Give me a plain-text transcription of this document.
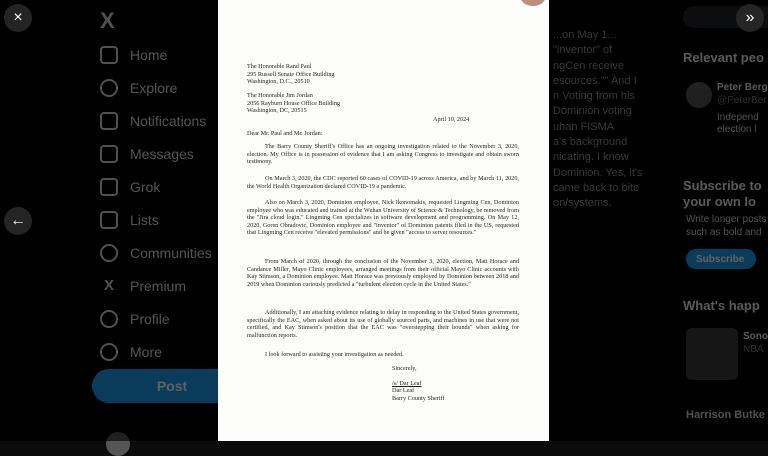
×	»
←
The Honorable Rand Paul
295 Russell Senate Office Building
Washington, D.C., 20510
The Honorable Jim Jordan
2056 Rayburn House Office Building
Washington, DC, 20515
April 10, 2024
Dear Mr. Paul and Mr. Jordan:
The Barry County Sheriff's Office has an ongoing investigation related to the November 3, 2020, election. My Office is in possession of evidence that I am asking Congress to investigate and obtain sworn testimony.
On March 3, 2020, the CDC reported 60 cases of COVID-19 across America, and by March 11, 2020, the World Health Organization declared COVID-19 a pandemic.
Also on March 3, 2020, Dominion employee, Nick Ikonomakis, requested Lingming Cen, Dominion employee who was educated and trained at the Wuhan University of Science & Technology, be removed from the "Jira cloud login." Lingming Cen specializes in software development and programming. On May 12, 2020, Goren Obradovic, Dominion employee and "inventor" of Dominion patents filed in the US, requested that Lingming Cen receive "elevated permissions" and be given "access to server resources."
From March of 2020, through the conclusion of the November 3, 2020, election, Matt Horace and Candance Miller, Mayo Clinic employees, arranged meetings from their official Mayo Clinic accounts with Kay Stimson, a Dominion employee. Matt Horace was previously employed by Dominion between 2018 and 2019 when Dominion curiously predicted a "turbulent election cycle in the United States."
Additionally, I am attaching evidence relating to delay in responding to the United States government, specifically the EAC, when asked about its use of globally sourced parts, and machines in use that were not certified, and Kay Stimson's position that the EAC was "overstepping their bounds" when asking for malfunction reports.
I look forward to assisting your investigation as needed.
Sincerely,
/s/ Dar Leaf
Dar Leaf
Barry County Sheriff
